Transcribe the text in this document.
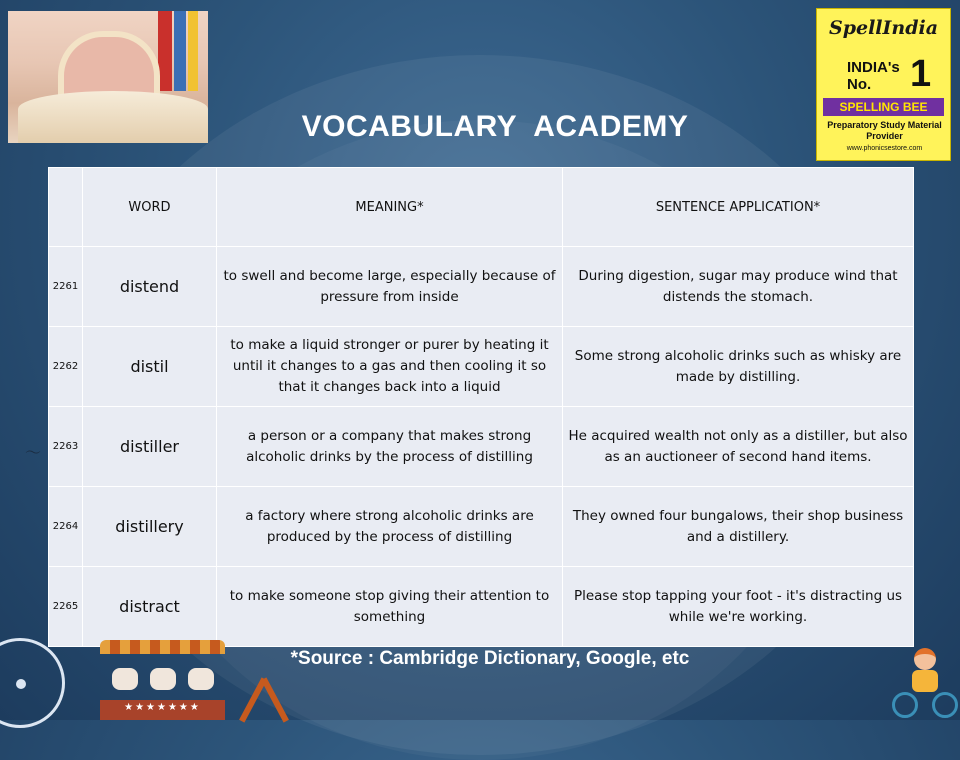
SpellIndia
INDIA's
No.	1
SPELLING BEE
Preparatory Study Material Provider
www.phonicsestore.com
VOCABULARY  ACADEMY
	WORD	MEANING*	SENTENCE APPLICATION*
2261	distend	to swell and become large, especially because of pressure from inside	During digestion, sugar may produce wind that distends the stomach.
2262	distil	to make a liquid stronger or purer by heating it until it changes to a gas and then cooling it so that it changes back into a liquid	Some strong alcoholic drinks such as whisky are made by distilling.
2263	distiller	a person or a company that makes strong alcoholic drinks by the process of distilling	He acquired wealth not only as a distiller, but also as an auctioneer of second hand items.
2264	distillery	a factory where strong alcoholic drinks are produced by the process of distilling	They owned four bungalows, their shop business and a distillery.
2265	distract	to make someone stop giving their attention to something	Please stop tapping your foot - it's distracting us while we're working.
*Source : Cambridge Dictionary, Google, etc
〜
★★★★★★★
